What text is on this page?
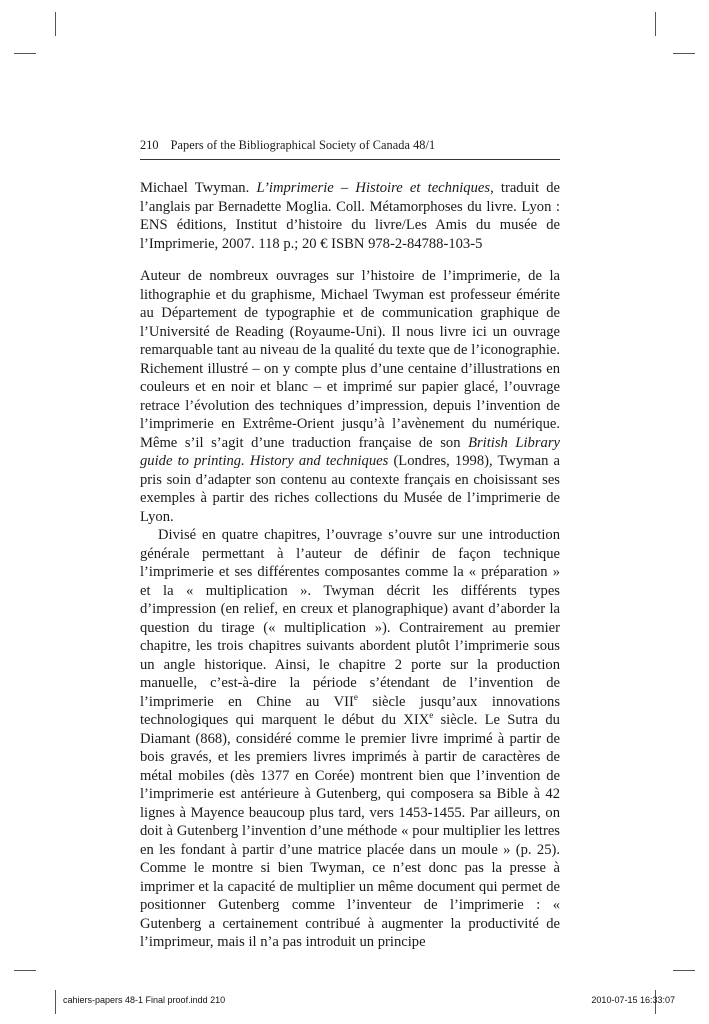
210 Papers of the Bibliographical Society of Canada 48/1

Michael Twyman. L’imprimerie – Histoire et techniques, traduit de l’anglais par Bernadette Moglia. Coll. Métamorphoses du livre. Lyon : ENS éditions, Institut d’histoire du livre/Les Amis du musée de l’Imprimerie, 2007. 118 p.; 20 € ISBN 978-2-84788-103-5

Auteur de nombreux ouvrages sur l’histoire de l’imprimerie, de la lithographie et du graphisme, Michael Twyman est professeur émérite au Département de typographie et de communication graphique de l’Université de Reading (Royaume-Uni). Il nous livre ici un ouvrage remarquable tant au niveau de la qualité du texte que de l’iconographie. Richement illustré – on y compte plus d’une centaine d’illustrations en couleurs et en noir et blanc – et imprimé sur papier glacé, l’ouvrage retrace l’évolution des techniques d’impression, depuis l’invention de l’imprimerie en Extrême-Orient jusqu’à l’avènement du numérique. Même s’il s’agit d’une traduction française de son British Library guide to printing. History and techniques (Londres, 1998), Twyman a pris soin d’adapter son contenu au contexte français en choisissant ses exemples à partir des riches collections du Musée de l’imprimerie de Lyon.

Divisé en quatre chapitres, l’ouvrage s’ouvre sur une introduction générale permettant à l’auteur de définir de façon technique l’imprimerie et ses différentes composantes comme la « préparation » et la « multiplication ». Twyman décrit les différents types d’impression (en relief, en creux et planographique) avant d’aborder la question du tirage (« multiplication »). Contrairement au premier chapitre, les trois chapitres suivants abordent plutôt l’imprimerie sous un angle historique. Ainsi, le chapitre 2 porte sur la production manuelle, c’est-à-dire la période s’étendant de l’invention de l’imprimerie en Chine au VIIe siècle jusqu’aux innovations technologiques qui marquent le début du XIXe siècle. Le Sutra du Diamant (868), considéré comme le premier livre imprimé à partir de bois gravés, et les premiers livres imprimés à partir de caractères de métal mobiles (dès 1377 en Corée) montrent bien que l’invention de l’imprimerie est antérieure à Gutenberg, qui composera sa Bible à 42 lignes à Mayence beaucoup plus tard, vers 1453-1455. Par ailleurs, on doit à Gutenberg l’invention d’une méthode « pour multiplier les lettres en les fondant à partir d’une matrice placée dans un moule » (p. 25). Comme le montre si bien Twyman, ce n’est donc pas la presse à imprimer et la capacité de multiplier un même document qui permet de positionner Gutenberg comme l’inventeur de l’imprimerie : « Gutenberg a certainement contribué à augmenter la productivité de l’imprimeur, mais il n’a pas introduit un principe

cahiers-papers 48-1 Final proof.indd 210	2010-07-15 16:33:07
